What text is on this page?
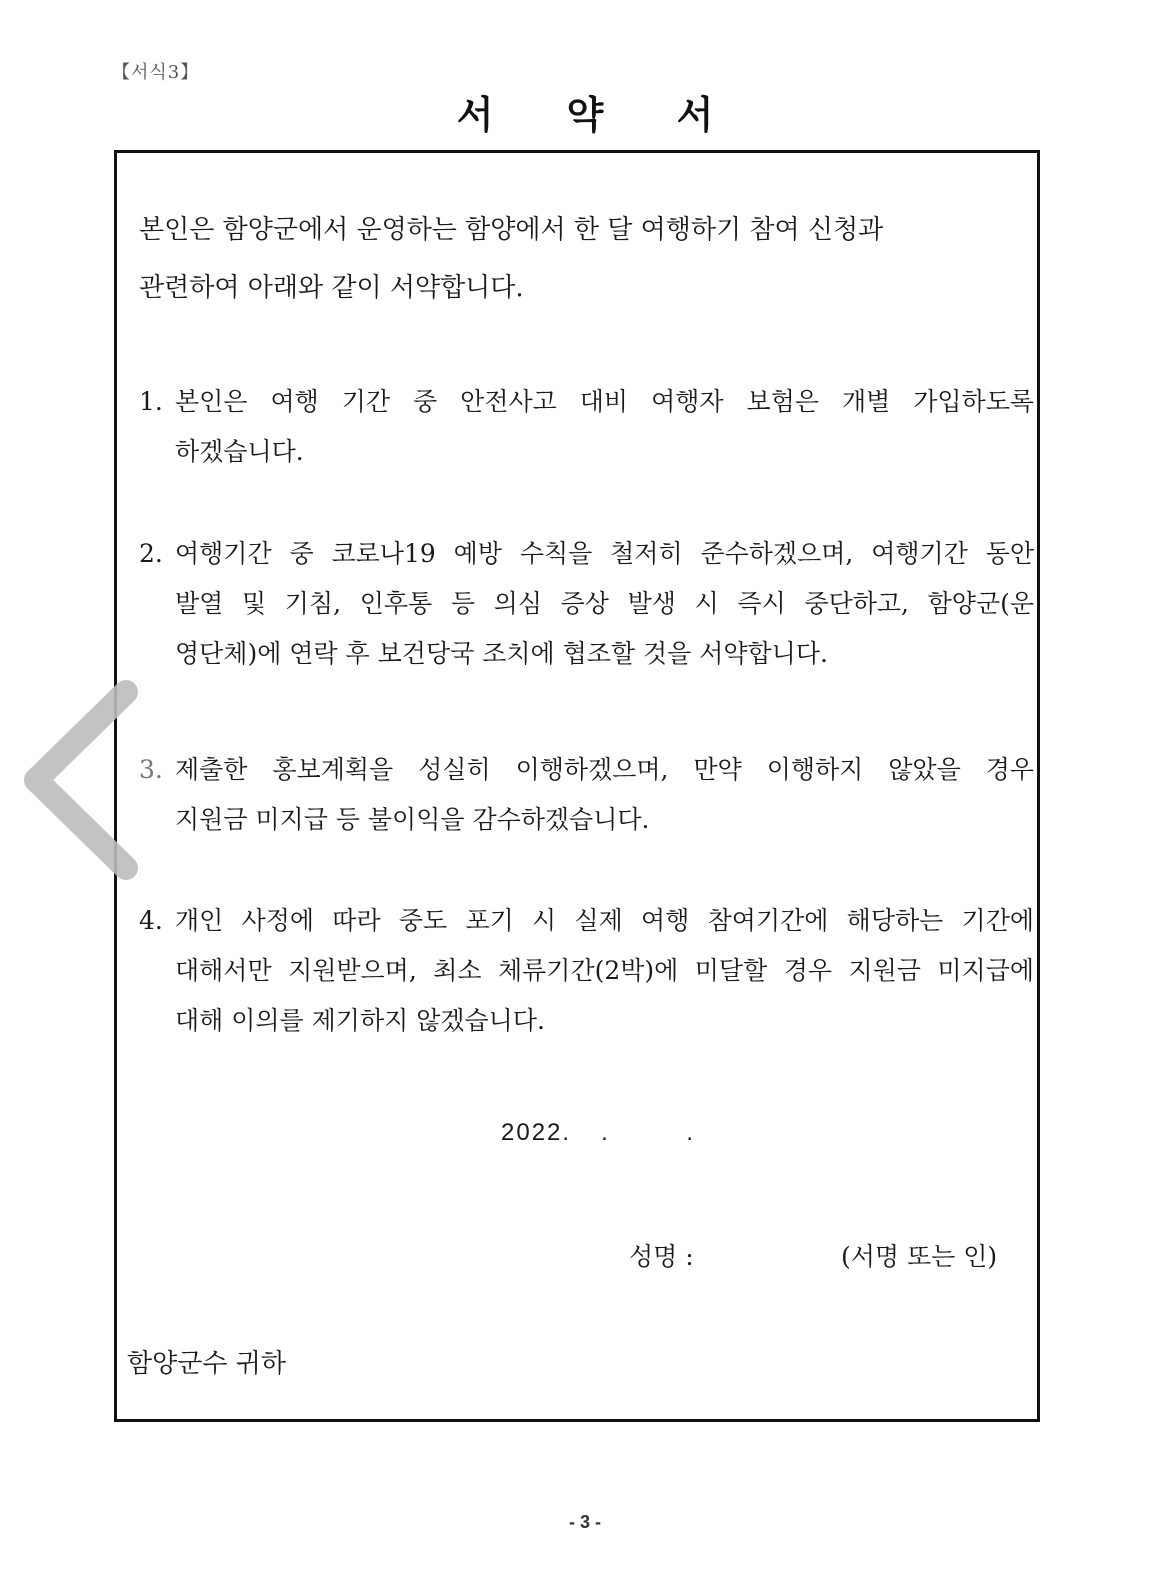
【서식3】
서 약 서
본인은 함양군에서 운영하는 함양에서 한 달 여행하기 참여 신청과
관련하여 아래와 같이 서약합니다.
1. 본인은 여행 기간 중 안전사고 대비 여행자 보험은 개별 가입하도록
하겠습니다.
2. 여행기간 중 코로나19 예방 수칙을 철저히 준수하겠으며, 여행기간 동안
발열 및 기침, 인후통 등 의심 증상 발생 시 즉시 중단하고, 함양군(운
영단체)에 연락 후 보건당국 조치에 협조할 것을 서약합니다.
3. 제출한 홍보계획을 성실히 이행하겠으며, 만약 이행하지 않았을 경우
지원금 미지급 등 불이익을 감수하겠습니다.
4. 개인 사정에 따라 중도 포기 시 실제 여행 참여기간에 해당하는 기간에
대해서만 지원받으며, 최소 체류기간(2박)에 미달할 경우 지원금 미지급에
대해 이의를 제기하지 않겠습니다.
2022. . .
성명 :	(서명 또는 인)
함양군수 귀하
- 3 -
